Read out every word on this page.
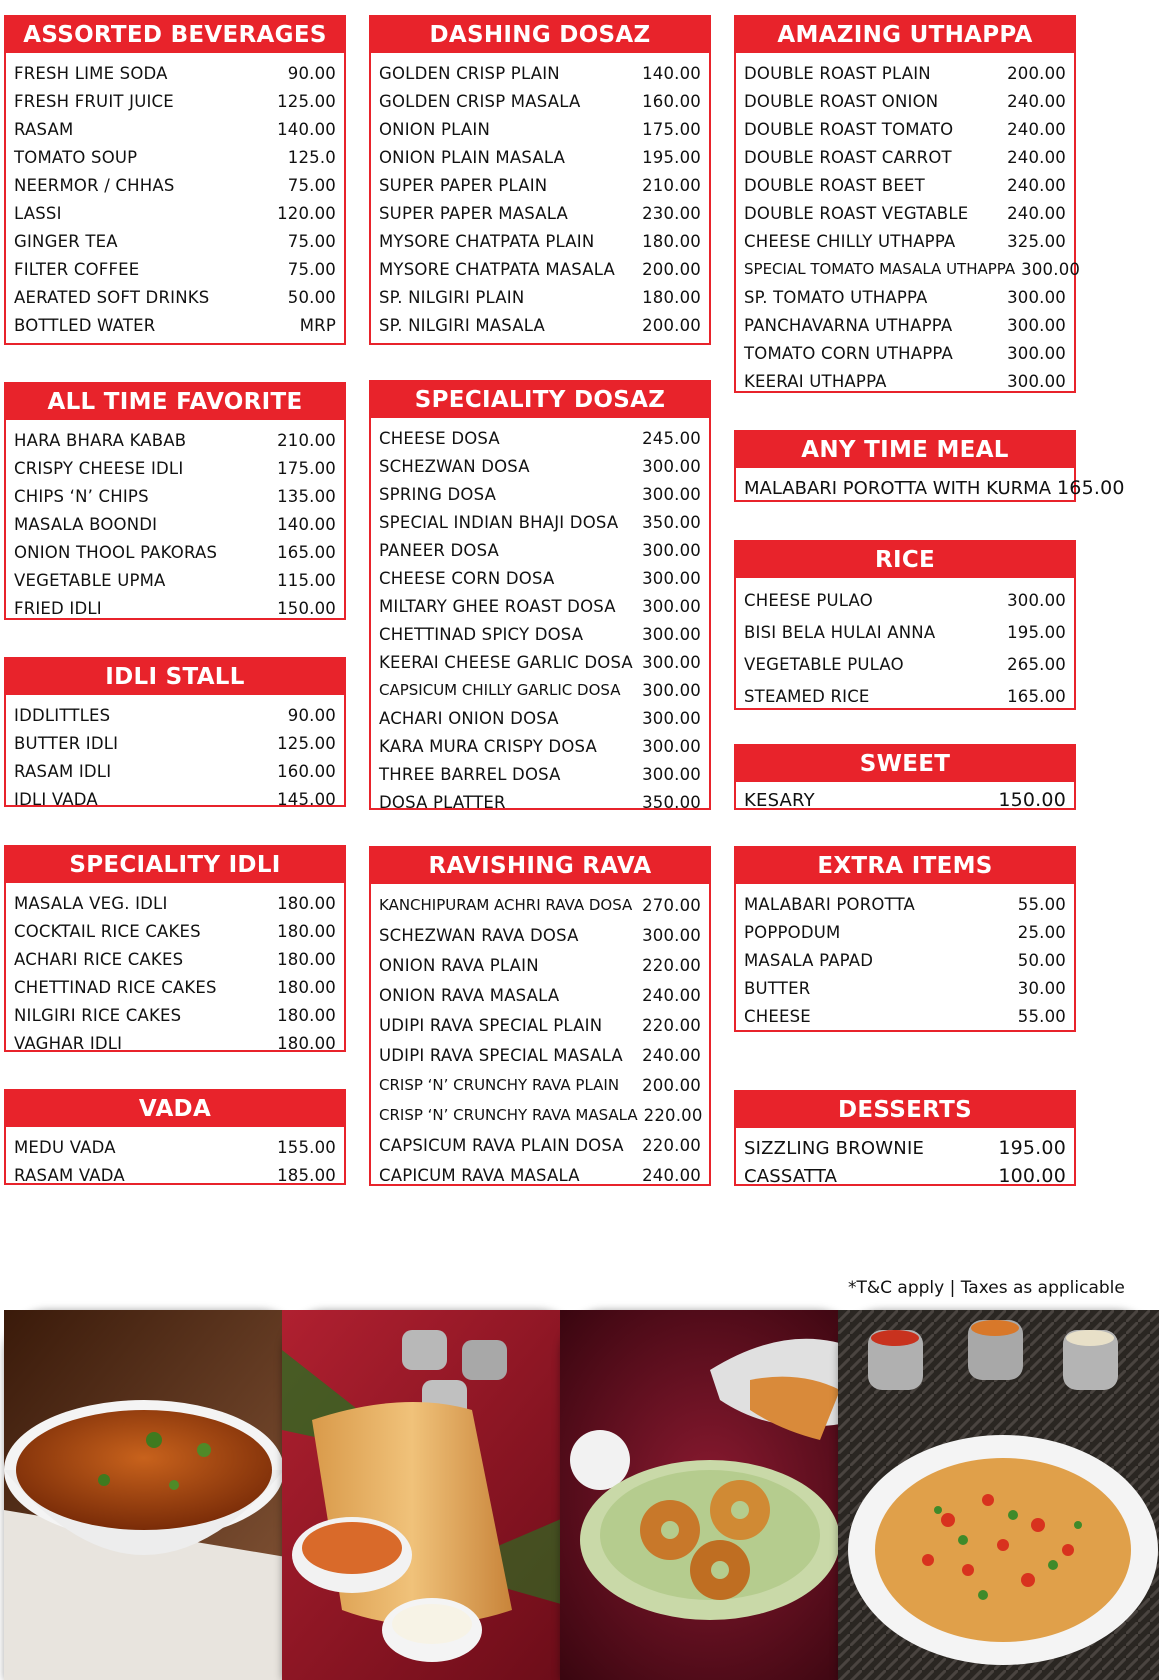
ASSORTED BEVERAGES
FRESH LIME SODA	90.00
FRESH FRUIT JUICE	125.00
RASAM	140.00
TOMATO SOUP	125.0
NEERMOR / CHHAS	75.00
LASSI	120.00
GINGER TEA	75.00
FILTER COFFEE	75.00
AERATED SOFT DRINKS	50.00
BOTTLED WATER	MRP
ALL TIME FAVORITE
HARA BHARA KABAB	210.00
CRISPY CHEESE IDLI	175.00
CHIPS ‘N’ CHIPS	135.00
MASALA BOONDI	140.00
ONION THOOL PAKORAS	165.00
VEGETABLE UPMA	115.00
FRIED IDLI	150.00
IDLI STALL
IDDLITTLES	90.00
BUTTER IDLI	125.00
RASAM IDLI	160.00
IDLI VADA	145.00
SPECIALITY IDLI
MASALA VEG. IDLI	180.00
COCKTAIL RICE CAKES	180.00
ACHARI RICE CAKES	180.00
CHETTINAD RICE CAKES	180.00
NILGIRI RICE CAKES	180.00
VAGHAR IDLI	180.00
VADA
MEDU VADA	155.00
RASAM VADA	185.00
DASHING DOSAZ
GOLDEN CRISP PLAIN	140.00
GOLDEN CRISP MASALA	160.00
ONION PLAIN	175.00
ONION PLAIN MASALA	195.00
SUPER PAPER PLAIN	210.00
SUPER PAPER MASALA	230.00
MYSORE CHATPATA PLAIN	180.00
MYSORE CHATPATA MASALA	200.00
SP. NILGIRI PLAIN	180.00
SP. NILGIRI MASALA	200.00
SPECIALITY DOSAZ
CHEESE DOSA	245.00
SCHEZWAN DOSA	300.00
SPRING DOSA	300.00
SPECIAL INDIAN BHAJI DOSA	350.00
PANEER DOSA	300.00
CHEESE CORN DOSA	300.00
MILTARY GHEE ROAST DOSA	300.00
CHETTINAD SPICY DOSA	300.00
KEERAI CHEESE GARLIC DOSA 300.00
CAPSICUM CHILLY GARLIC DOSA	300.00
ACHARI ONION DOSA	300.00
KARA MURA CRISPY DOSA	300.00
THREE BARREL DOSA	300.00
DOSA PLATTER	350.00
RAVISHING RAVA
KANCHIPURAM ACHRI RAVA DOSA 270.00
SCHEZWAN RAVA DOSA	300.00
ONION RAVA PLAIN	220.00
ONION RAVA MASALA	240.00
UDIPI RAVA SPECIAL PLAIN	220.00
UDIPI RAVA SPECIAL MASALA	240.00
CRISP ‘N’ CRUNCHY RAVA PLAIN	200.00
CRISP ‘N’ CRUNCHY RAVA MASALA 220.00
CAPSICUM RAVA PLAIN DOSA	220.00
CAPICUM RAVA MASALA	240.00
AMAZING UTHAPPA
DOUBLE ROAST PLAIN	200.00
DOUBLE ROAST ONION	240.00
DOUBLE ROAST TOMATO	240.00
DOUBLE ROAST CARROT	240.00
DOUBLE ROAST BEET	240.00
DOUBLE ROAST VEGTABLE	240.00
CHEESE CHILLY UTHAPPA	325.00
SPECIAL TOMATO MASALA UTHAPPA 300.00
SP. TOMATO UTHAPPA	300.00
PANCHAVARNA UTHAPPA	300.00
TOMATO CORN UTHAPPA	300.00
KEERAI UTHAPPA	300.00
ANY TIME MEAL
MALABARI POROTTA WITH KURMA 165.00
RICE
CHEESE PULAO	300.00
BISI BELA HULAI ANNA	195.00
VEGETABLE PULAO	265.00
STEAMED RICE	165.00
SWEET
KESARY	150.00
EXTRA ITEMS
MALABARI POROTTA	55.00
POPPODUM	25.00
MASALA PAPAD	50.00
BUTTER	30.00
CHEESE	55.00
DESSERTS
SIZZLING BROWNIE	195.00
CASSATTA	100.00
*T&C apply | Taxes as applicable
